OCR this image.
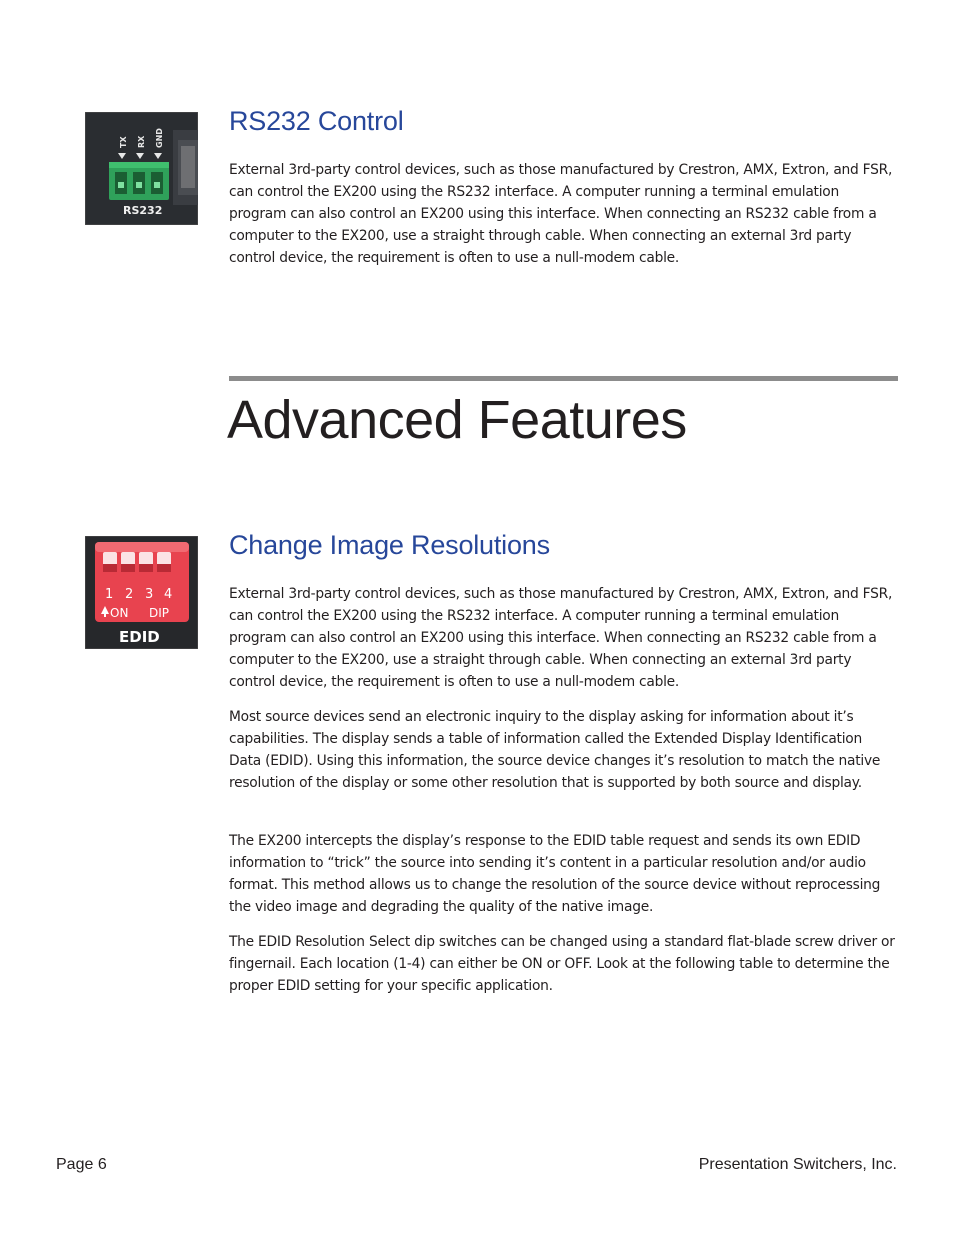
TX RX GND
RS232
RS232 Control

External 3rd-party control devices, such as those manufactured by Crestron, AMX, Extron, and FSR, can control the EX200 using the RS232 interface. A computer running a terminal emulation program can also control an EX200 using this interface. When connecting an RS232 cable from a computer to the EX200, use a straight through cable. When connecting an external 3rd party control device, the requirement is often to use a null-modem cable.

Advanced Features
1 2 3 4
ON DIP
EDID
Change Image Resolutions

External 3rd-party control devices, such as those manufactured by Crestron, AMX, Extron, and FSR, can control the EX200 using the RS232 interface. A computer running a terminal emulation program can also control an EX200 using this interface. When connecting an RS232 cable from a computer to the EX200, use a straight through cable. When connecting an external 3rd party control device, the requirement is often to use a null-modem cable.

Most source devices send an electronic inquiry to the display asking for information about it’s capabilities. The display sends a table of information called the Extended Display Identification Data (EDID). Using this information, the source device changes it’s resolution to match the native resolution of the display or some other resolution that is supported by both source and display.

The EX200 intercepts the display’s response to the EDID table request and sends its own EDID information to “trick” the source into sending it’s content in a particular resolution and/or audio format. This method allows us to change the resolution of the source device without reprocessing the video image and degrading the quality of the native image.

The EDID Resolution Select dip switches can be changed using a standard flat-blade screw driver or fingernail. Each location (1-4) can either be ON or OFF. Look at the following table to determine the proper EDID setting for your specific application.

Page 6	Presentation Switchers, Inc.
